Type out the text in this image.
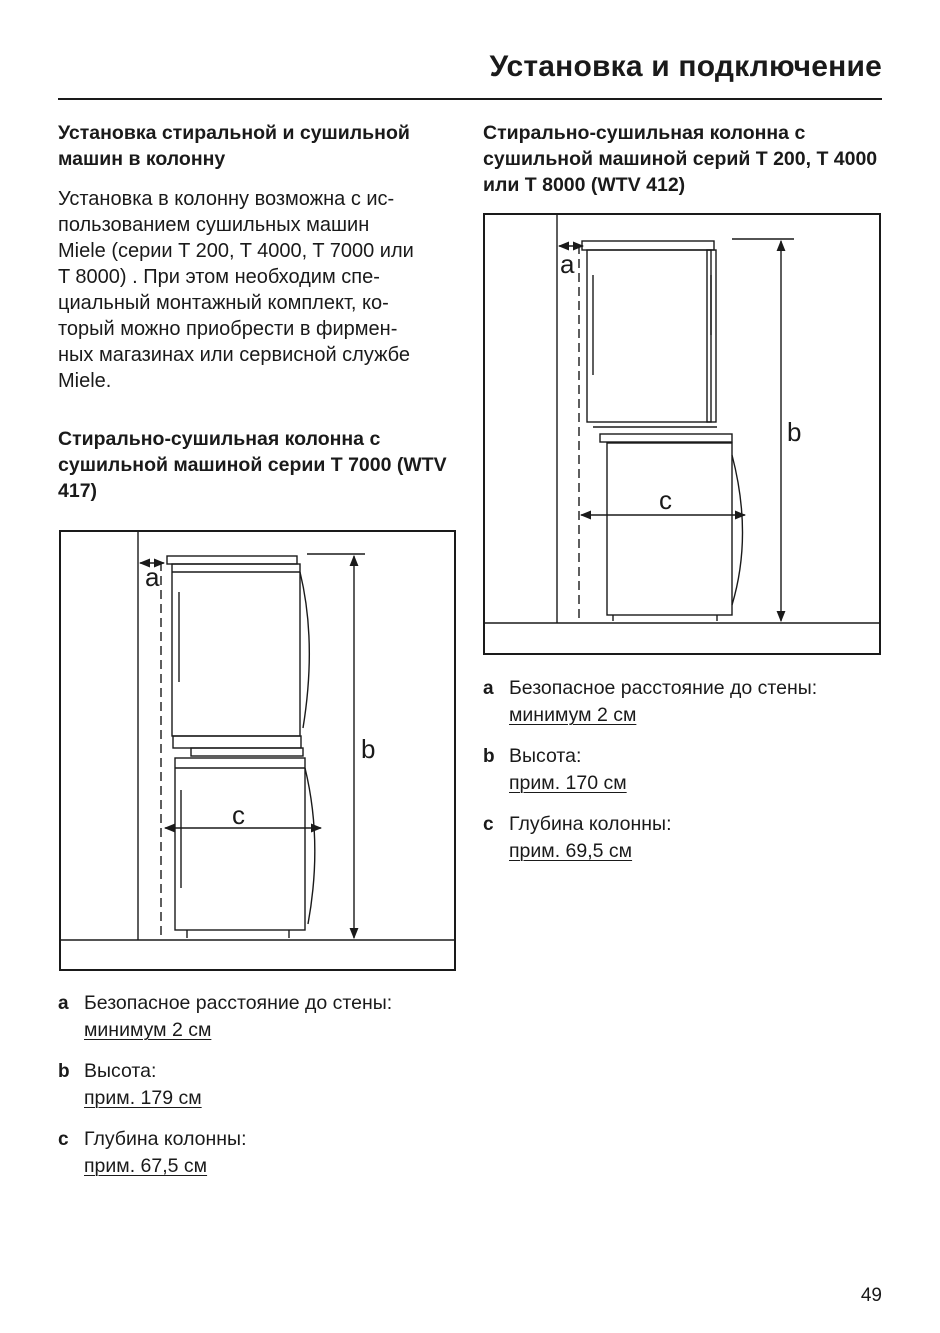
Установка и подключение
Установка стиральной и сушильной машин в колонну

Установка в колонну возможна с ис-
пользованием сушильных машин
Miele (серии T 200, T 4000, T 7000 или
T 8000) . При этом необходим спе-
циальный монтажный комплект, ко-
торый можно приобрести в фирмен-
ных магазинах или сервисной службе
Miele.

Стирально-сушильная колонна с сушильной машиной серии T 7000 (WTV 417)
Стирально-сушильная колонна с сушильной машиной серий T 200, T 4000 или T 8000 (WTV 412)
a
b
c
a
b
c
a Безопасное расстояние до стены:
минимум 2 см
b Высота:
прим. 179 см
c Глубина колонны:
прим. 67,5 см
a Безопасное расстояние до стены:
минимум 2 см
b Высота:
прим. 170 см
c Глубина колонны:
прим. 69,5 см
49
